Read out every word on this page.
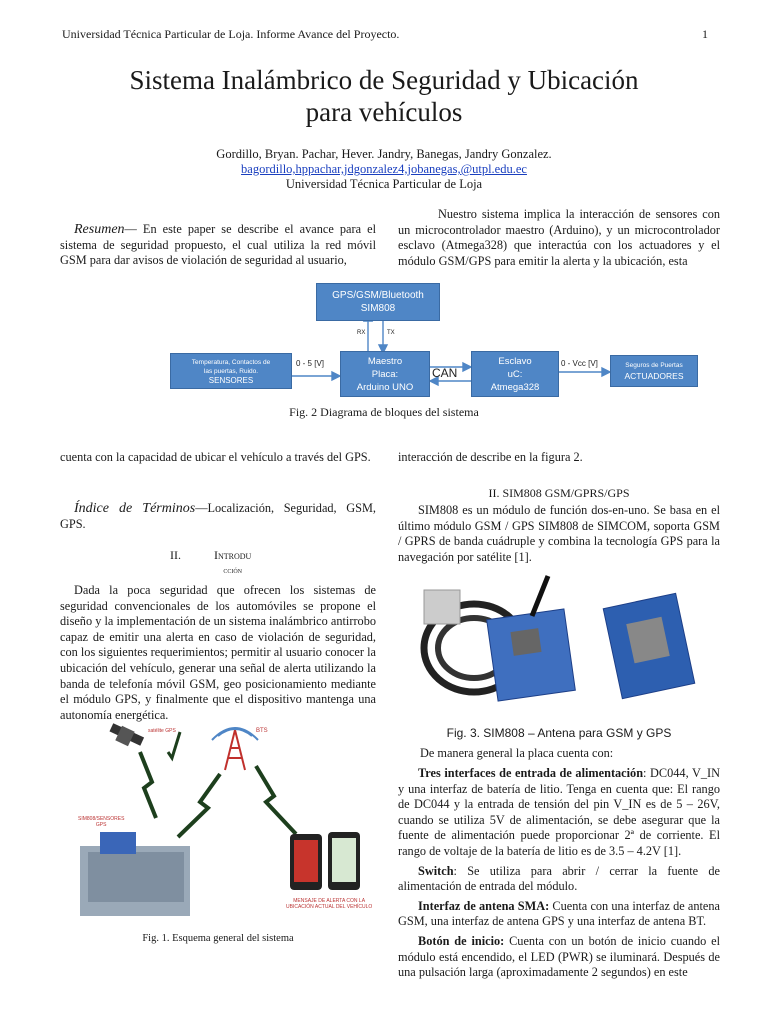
Universidad Técnica Particular de Loja. Informe Avance del Proyecto.	1
Sistema Inalámbrico de Seguridad y Ubicación
para vehículos
Gordillo, Bryan. Pachar, Hever. Jandry, Banegas, Jandry Gonzalez.
bagordillo,hppachar,jdgonzalez4,jobanegas,@utpl.edu.ec
Universidad Técnica Particular de Loja

Resumen— En este paper se describe el avance para el sistema de seguridad propuesto, el cual utiliza la red móvil GSM para dar avisos de violación de seguridad al usuario,

Nuestro sistema implica la interacción de sensores con un microcontrolador maestro (Arduino), y un microcontrolador esclavo (Atmega328) que interactúa con los actuadores y el módulo GSM/GPS para emitir la alerta y la ubicación, esta

GPS/GSM/Bluetooth
SIM808
RX	TX
Temperatura, Contactos de
las puertas, Ruido.
SENSORES
0 - 5 [V]	Maestro
Placa:
Arduino UNO
CAN
Esclavo
uC:
Atmega328
0 - Vcc [V]	Seguros de Puertas
ACTUADORES
Fig. 2 Diagrama de bloques del sistema
cuenta con la capacidad de ubicar el vehículo a través del GPS.

Índice de Términos—Localización, Seguridad, GSM, GPS.

II.	Introdu
cción

Dada la poca seguridad que ofrecen los sistemas de seguridad convencionales de los automóviles se propone el diseño y la implementación de un sistema inalámbrico antirrobo capaz de emitir una alerta en caso de violación de seguridad, con los siguientes requerimientos; permitir al usuario conocer la ubicación del vehículo, generar una señal de alerta utilizando la banda de telefonía móvil GSM, geo posicionamiento mediante el módulo GPS, y finalmente que el dispositivo mantenga una autonomía energética.

satélite GPS	BTS
SIM808/SENSORES
GPS
MENSAJE DE ALERTA CON LA
UBICACIÓN ACTUAL DEL VEHÍCULO
Fig. 1. Esquema general del sistema
interacción de describe en la figura 2.
II. SIM808 GSM/GPRS/GPS

SIM808 es un módulo de función dos-en-uno. Se basa en el último módulo GSM / GPS SIM808 de SIMCOM, soporta GSM / GPRS de banda cuádruple y combina la tecnología GPS para la navegación por satélite [1].

Fig. 3. SIM808 – Antena para GSM y GPS
De manera general la placa cuenta con:

Tres interfaces de entrada de alimentación: DC044, V_IN y una interfaz de batería de litio. Tenga en cuenta que: El rango de DC044 y la entrada de tensión del pin V_IN es de 5 – 26V, cuando se utiliza 5V de alimentación, se debe asegurar que la fuente de alimentación puede proporcionar 2ª de corriente. El rango de voltaje de la batería de litio es de 3.5 – 4.2V [1].

Switch: Se utiliza para abrir / cerrar la fuente de alimentación de entrada del módulo.

Interfaz de antena SMA: Cuenta con una interfaz de antena GSM, una interfaz de antena GPS y una interfaz de antena BT.

Botón de inicio: Cuenta con un botón de inicio cuando el módulo está encendido, el LED (PWR) se iluminará. Después de una pulsación larga (aproximadamente 2 segundos) en este
